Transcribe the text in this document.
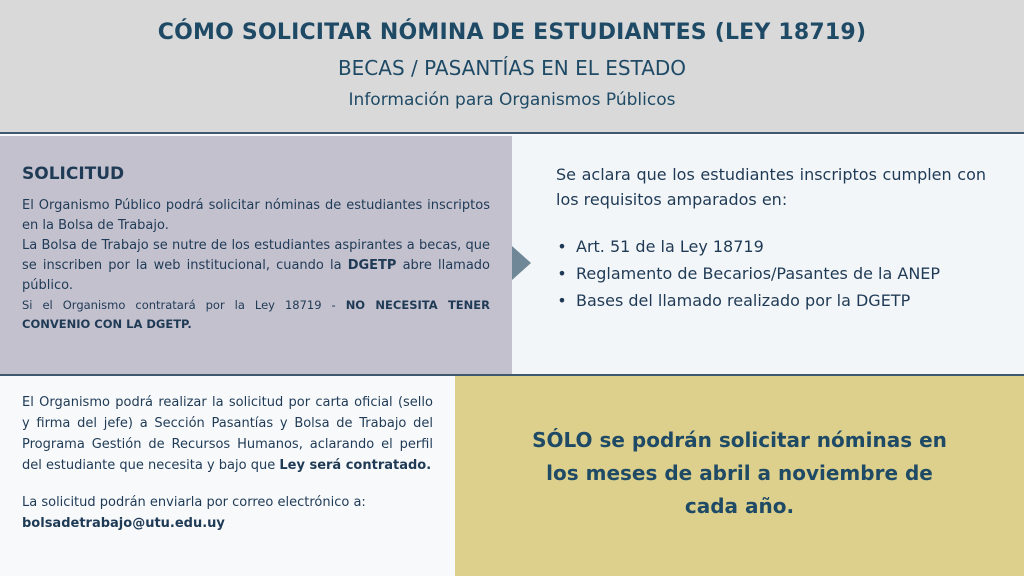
CÓMO SOLICITAR NÓMINA DE ESTUDIANTES (LEY 18719)
BECAS / PASANTÍAS EN EL ESTADO
Información para Organismos Públicos
SOLICITUD

El Organismo Público podrá solicitar nóminas de estudiantes inscriptos en la Bolsa de Trabajo.

La Bolsa de Trabajo se nutre de los estudiantes aspirantes a becas, que se inscriben por la web institucional, cuando la DGETP abre llamado público.

Si el Organismo contratará por la Ley 18719 - NO NECESITA TENER CONVENIO CON LA DGETP.

Se aclara que los estudiantes inscriptos cumplen con los requisitos amparados en:
• Art. 51 de la Ley 18719
• Reglamento de Becarios/Pasantes de la ANEP
• Bases del llamado realizado por la DGETP

El Organismo podrá realizar la solicitud por carta oficial (sello y firma del jefe) a Sección Pasantías y Bolsa de Trabajo del Programa Gestión de Recursos Humanos, aclarando el perfil del estudiante que necesita y bajo que Ley será contratado.

La solicitud podrán enviarla por correo electrónico a:

bolsadetrabajo@utu.edu.uy

SÓLO se podrán solicitar nóminas en los meses de abril a noviembre de cada año.
